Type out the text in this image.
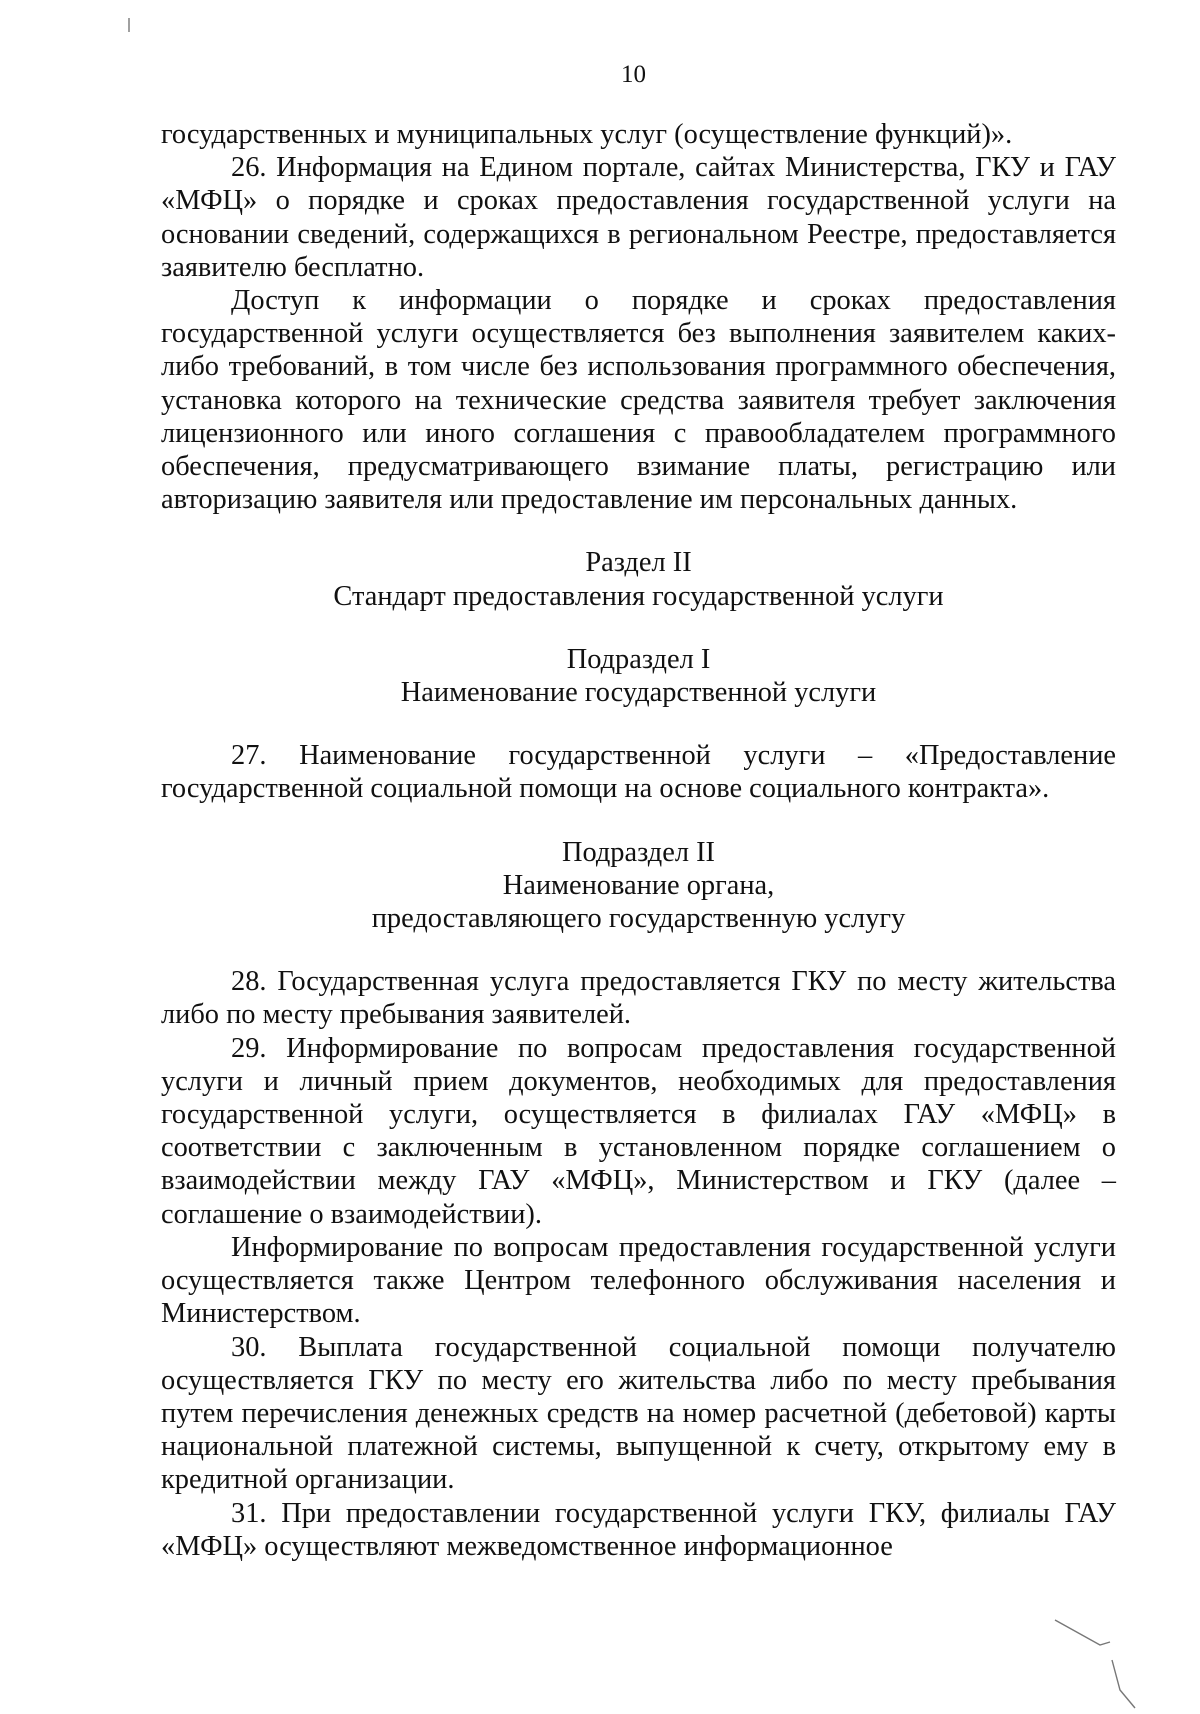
10

государственных и муниципальных услуг (осуществление функций)».

26. Информация на Едином портале, сайтах Министерства, ГКУ и ГАУ «МФЦ» о порядке и сроках предоставления государственной услуги на основании сведений, содержащихся в региональном Реестре, предоставляется заявителю бесплатно.

Доступ к информации о порядке и сроках предоставления государственной услуги осуществляется без выполнения заявителем каких-либо требований, в том числе без использования программного обеспечения, установка которого на технические средства заявителя требует заключения лицензионного или иного соглашения с правообладателем программного обеспечения, предусматривающего взимание платы, регистрацию или авторизацию заявителя или предоставление им персональных данных.

Раздел II

Стандарт предоставления государственной услуги

Подраздел I

Наименование государственной услуги

27. Наименование государственной услуги – «Предоставление государственной социальной помощи на основе социального контракта».

Подраздел II

Наименование органа,

предоставляющего государственную услугу

28. Государственная услуга предоставляется ГКУ по месту жительства либо по месту пребывания заявителей.

29. Информирование по вопросам предоставления государственной услуги и личный прием документов, необходимых для предоставления государственной услуги, осуществляется в филиалах ГАУ «МФЦ» в соответствии с заключенным в установленном порядке соглашением о взаимодействии между ГАУ «МФЦ», Министерством и ГКУ (далее – соглашение о взаимодействии).

Информирование по вопросам предоставления государственной услуги осуществляется также Центром телефонного обслуживания населения и Министерством.

30. Выплата государственной социальной помощи получателю осуществляется ГКУ по месту его жительства либо по месту пребывания путем перечисления денежных средств на номер расчетной (дебетовой) карты национальной платежной системы, выпущенной к счету, открытому ему в кредитной организации.

31. При предоставлении государственной услуги ГКУ, филиалы ГАУ «МФЦ» осуществляют межведомственное информационное
